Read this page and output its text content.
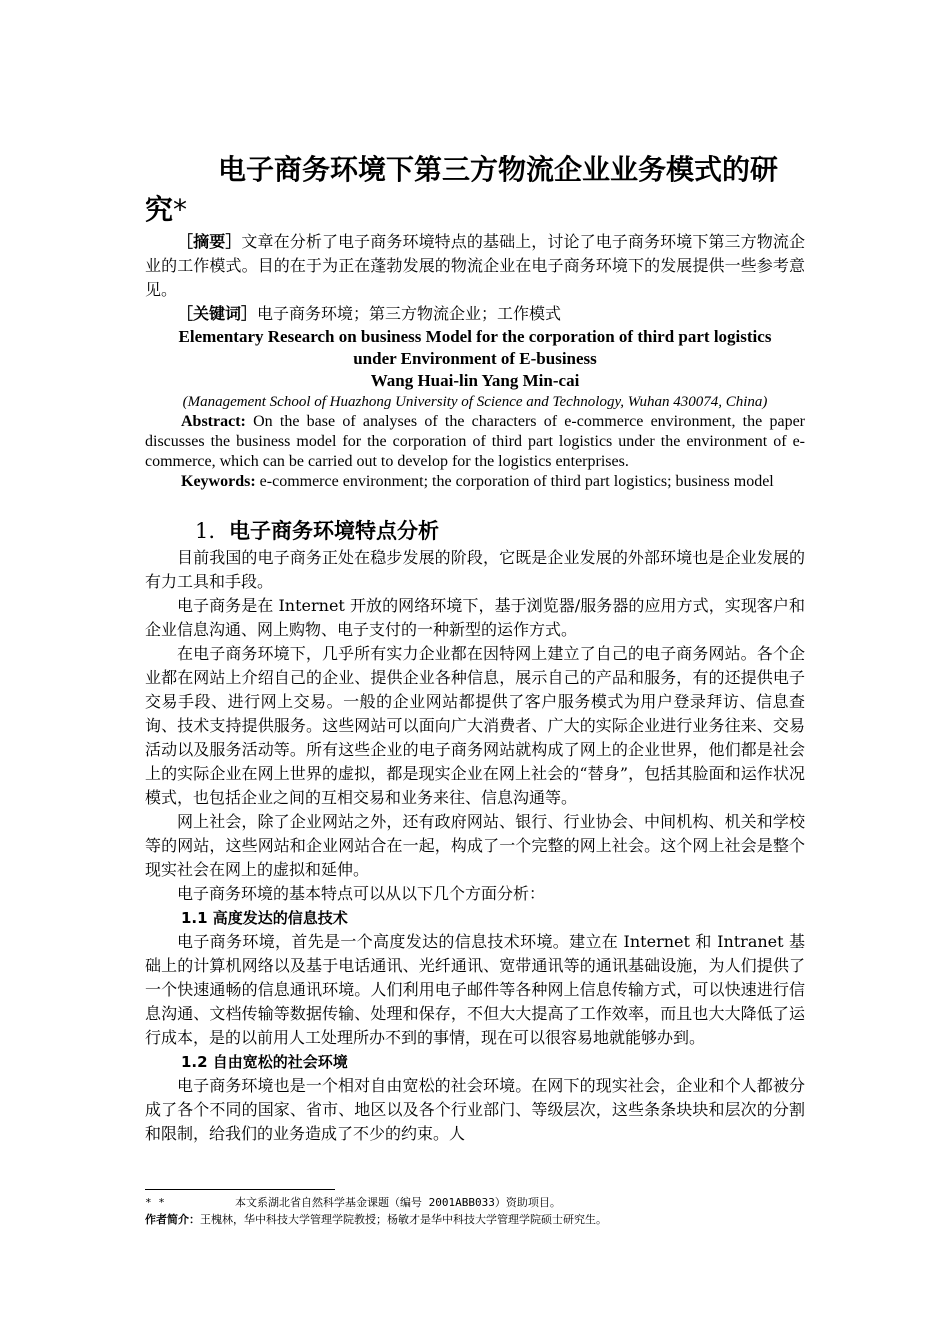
电子商务环境下第三方物流企业业务模式的研究*

［摘要］文章在分析了电子商务环境特点的基础上，讨论了电子商务环境下第三方物流企业的工作模式。目的在于为正在蓬勃发展的物流企业在电子商务环境下的发展提供一些参考意见。

［关键词］电子商务环境；第三方物流企业；工作模式

Elementary Research on business Model for the corporation of third part logistics

under Environment of E-business

Wang Huai-lin Yang Min-cai

(Management School of Huazhong University of Science and Technology, Wuhan 430074, China)

Abstract: On the base of analyses of the characters of e-commerce environment, the paper discusses the business model for the corporation of third part logistics under the environment of e-commerce, which can be carried out to develop for the logistics enterprises.

Keywords: e-commerce environment; the corporation of third part logistics; business model

1. 电子商务环境特点分析

目前我国的电子商务正处在稳步发展的阶段，它既是企业发展的外部环境也是企业发展的有力工具和手段。

电子商务是在 Internet 开放的网络环境下，基于浏览器/服务器的应用方式，实现客户和企业信息沟通、网上购物、电子支付的一种新型的运作方式。

在电子商务环境下，几乎所有实力企业都在因特网上建立了自己的电子商务网站。各个企业都在网站上介绍自己的企业、提供企业各种信息，展示自己的产品和服务，有的还提供电子交易手段、进行网上交易。一般的企业网站都提供了客户服务模式为用户登录拜访、信息查询、技术支持提供服务。这些网站可以面向广大消费者、广大的实际企业进行业务往来、交易活动以及服务活动等。所有这些企业的电子商务网站就构成了网上的企业世界，他们都是社会上的实际企业在网上世界的虚拟，都是现实企业在网上社会的“替身”，包括其脸面和运作状况模式，也包括企业之间的互相交易和业务来往、信息沟通等。

网上社会，除了企业网站之外，还有政府网站、银行、行业协会、中间机构、机关和学校等的网站，这些网站和企业网站合在一起，构成了一个完整的网上社会。这个网上社会是整个现实社会在网上的虚拟和延伸。

电子商务环境的基本特点可以从以下几个方面分析：

1.1 高度发达的信息技术

电子商务环境，首先是一个高度发达的信息技术环境。建立在 Internet 和 Intranet 基础上的计算机网络以及基于电话通讯、光纤通讯、宽带通讯等的通讯基础设施，为人们提供了一个快速通畅的信息通讯环境。人们利用电子邮件等各种网上信息传输方式，可以快速进行信息沟通、文档传输等数据传输、处理和保存，不但大大提高了工作效率，而且也大大降低了运行成本，是的以前用人工处理所办不到的事情，现在可以很容易地就能够办到。

1.2 自由宽松的社会环境

电子商务环境也是一个相对自由宽松的社会环境。在网下的现实社会，企业和个人都被分成了各个不同的国家、省市、地区以及各个行业部门、等级层次，这些条条块块和层次的分割和限制，给我们的业务造成了不少的约束。人

* *	本文系湖北省自然科学基金课题（编号 2001ABB033）资助项目。
作者简介：王槐林，华中科技大学管理学院教授；杨敏才是华中科技大学管理学院硕士研究生。
